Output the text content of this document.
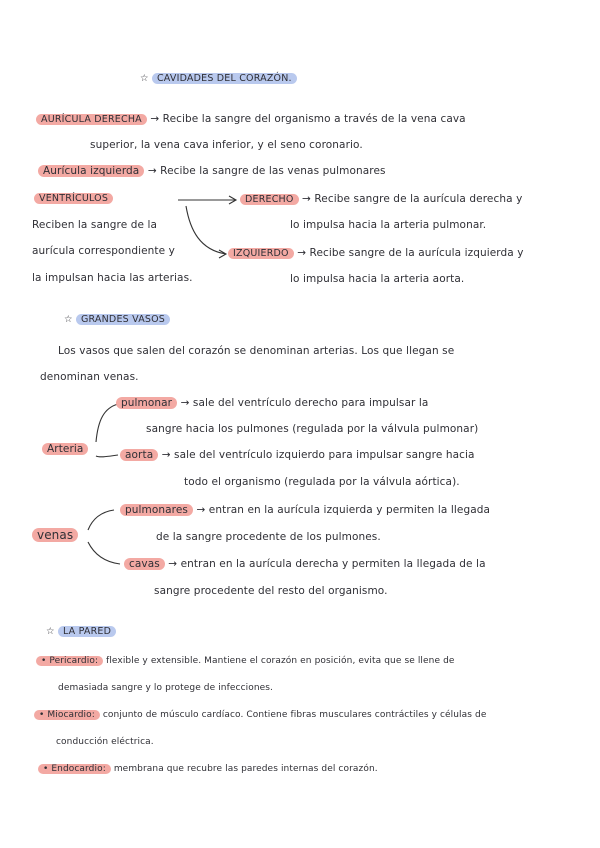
☆ CAVIDADES DEL CORAZÓN.
AURÍCULA DERECHA → Recibe la sangre del organismo a través de la vena cava
superior, la vena cava inferior, y el seno coronario.
Aurícula izquierda → Recibe la sangre de las venas pulmonares
VENTRÍCULOS
Reciben la sangre de la
aurícula correspondiente y
la impulsan hacia las arterias.
DERECHO → Recibe sangre de la aurícula derecha y
lo impulsa hacia la arteria pulmonar.
IZQUIERDO → Recibe sangre de la aurícula izquierda y
lo impulsa hacia la arteria aorta.
☆ GRANDES VASOS
Los vasos que salen del corazón se denominan arterias. Los que llegan se
denominan venas.
Arteria
pulmonar → sale del ventrículo derecho para impulsar la
sangre hacia los pulmones (regulada por la válvula pulmonar)
aorta → sale del ventrículo izquierdo para impulsar sangre hacia
todo el organismo (regulada por la válvula aórtica).
venas
pulmonares → entran en la aurícula izquierda y permiten la llegada
de la sangre procedente de los pulmones.
cavas → entran en la aurícula derecha y permiten la llegada de la
sangre procedente del resto del organismo.
☆ LA PARED
• Pericardio: flexible y extensible. Mantiene el corazón en posición, evita que se llene de
demasiada sangre y lo protege de infecciones.
• Miocardio: conjunto de músculo cardíaco. Contiene fibras musculares contráctiles y células de
conducción eléctrica.
• Endocardio: membrana que recubre las paredes internas del corazón.
